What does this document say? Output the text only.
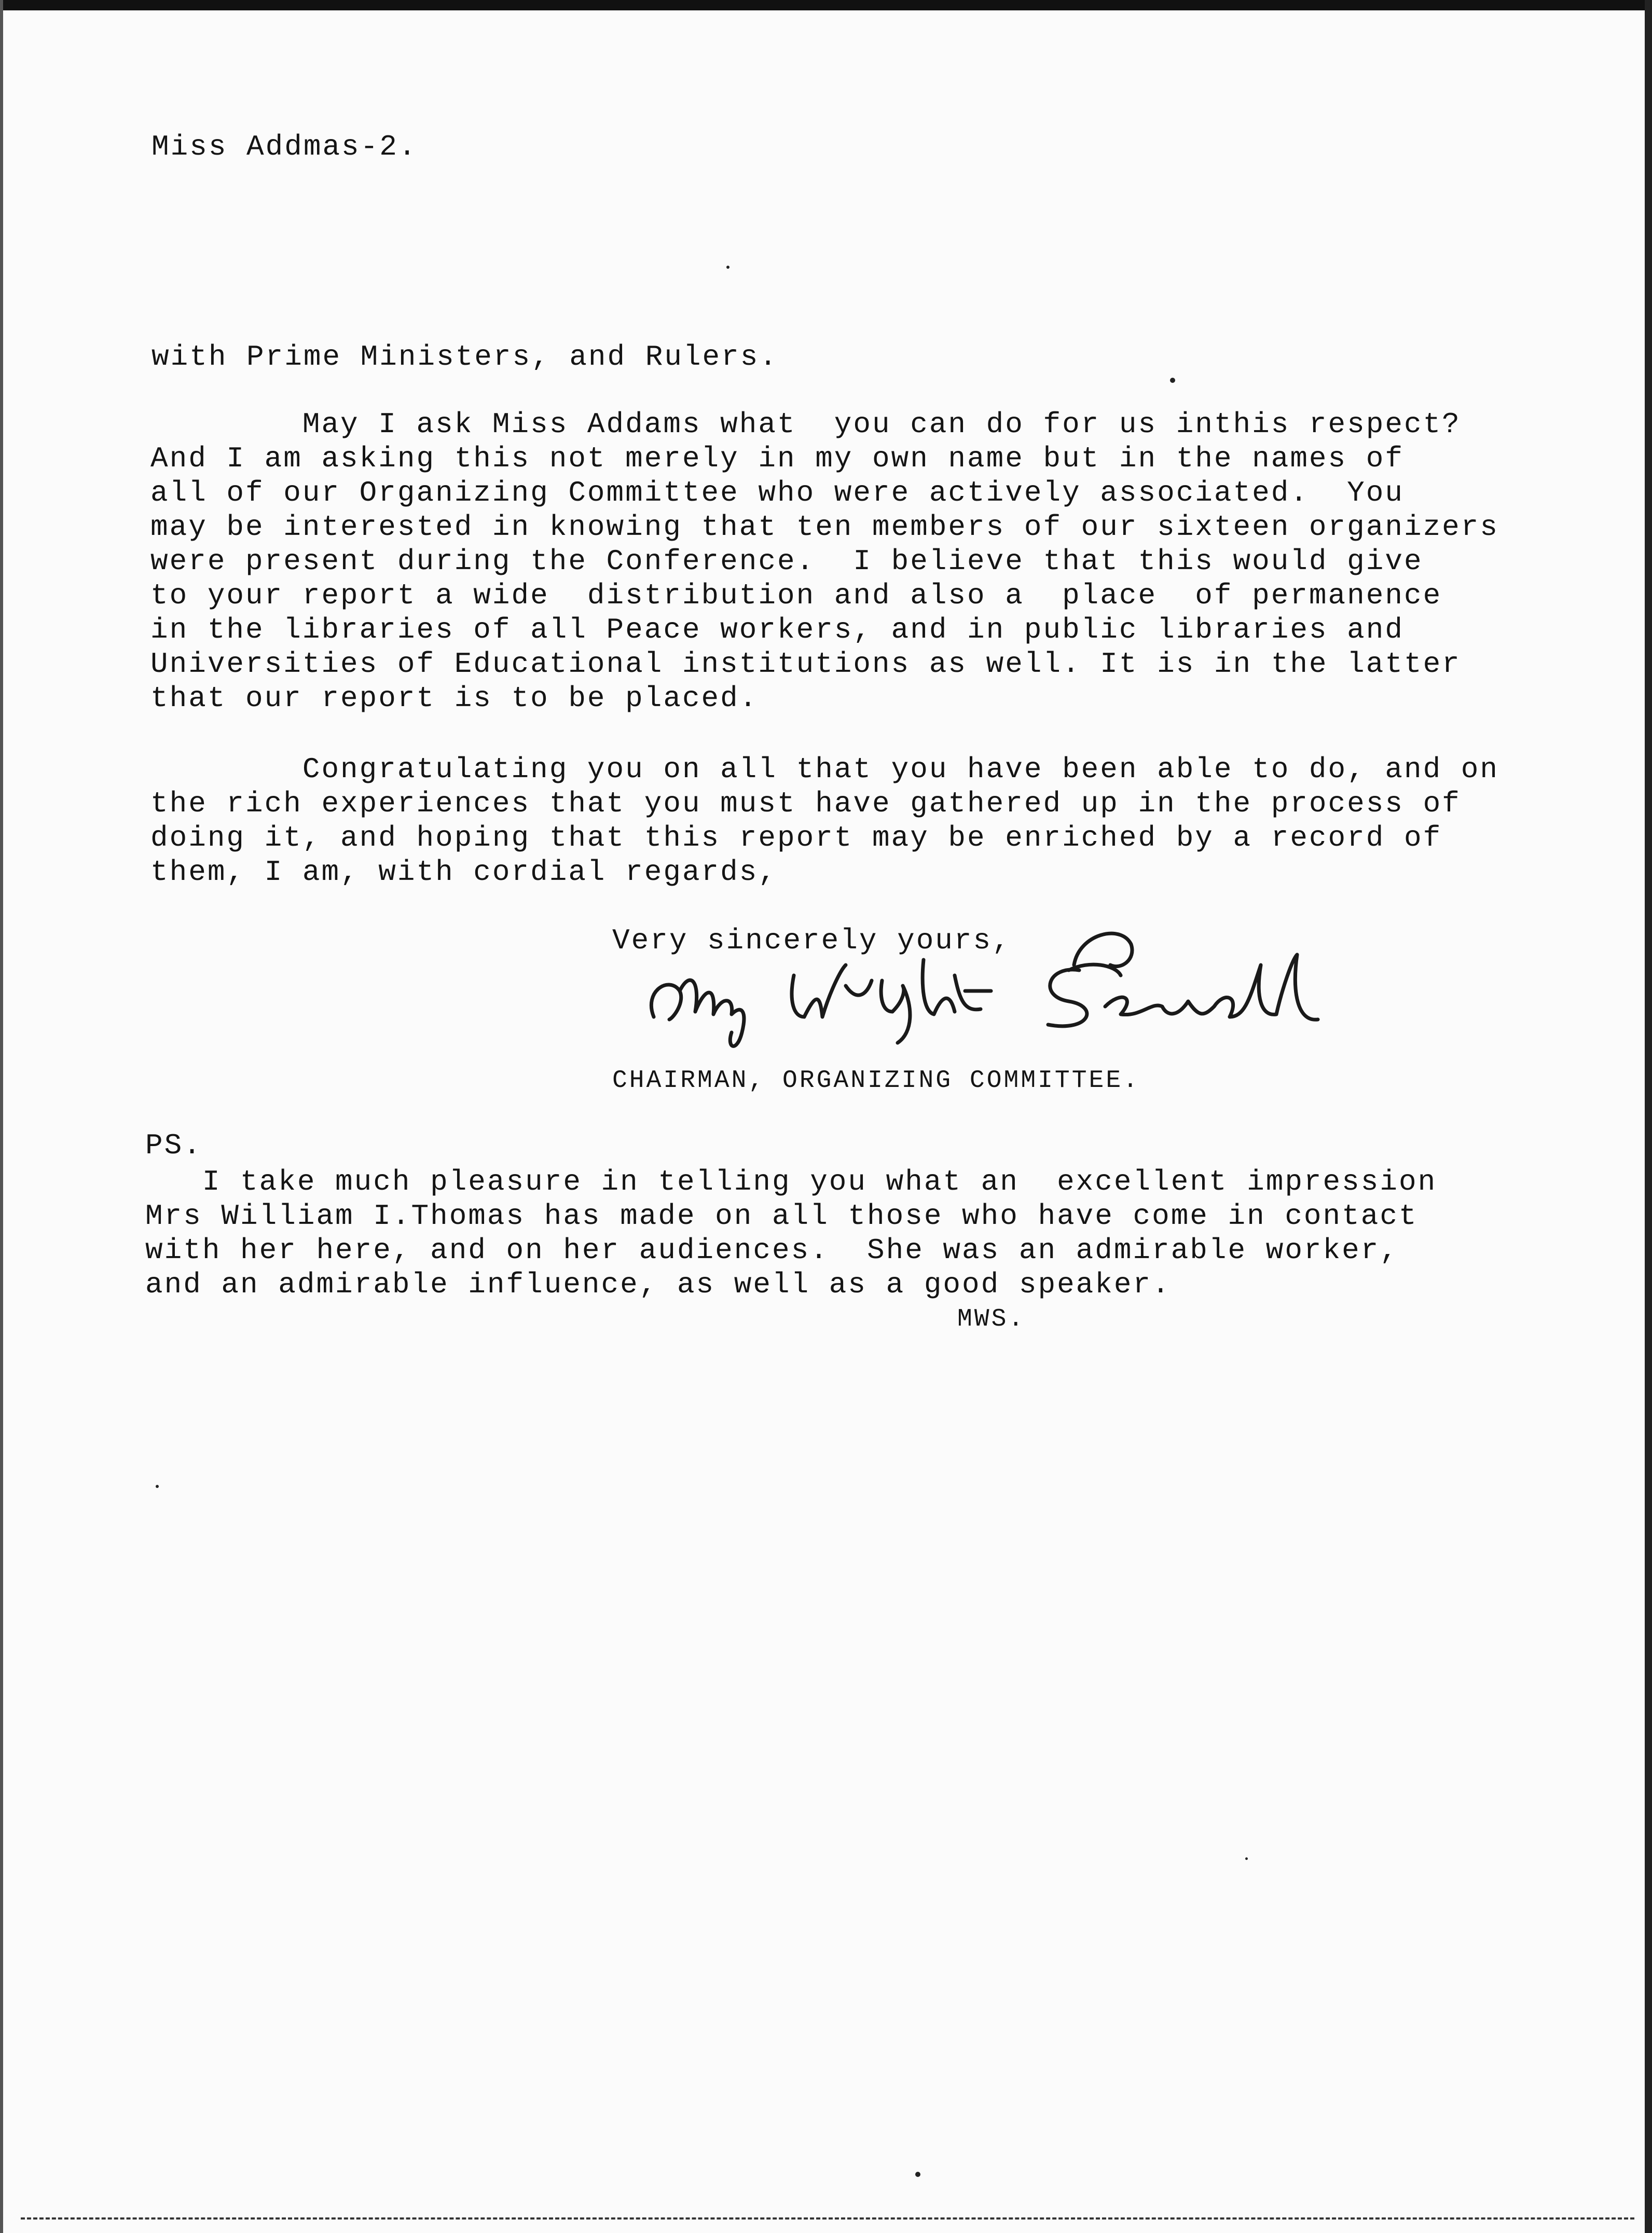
Miss Addmas-2.
with Prime Ministers, and Rulers.
May I ask Miss Addams what  you can do for us inthis respect?
And I am asking this not merely in my own name but in the names of
all of our Organizing Committee who were actively associated.  You
may be interested in knowing that ten members of our sixteen organizers
were present during the Conference.  I believe that this would give
to your report a wide  distribution and also a  place  of permanence
in the libraries of all Peace workers, and in public libraries and
Universities of Educational institutions as well. It is in the latter
that our report is to be placed.
Congratulating you on all that you have been able to do, and on
the rich experiences that you must have gathered up in the process of
doing it, and hoping that this report may be enriched by a record of
them, I am, with cordial regards,
Very sincerely yours,
CHAIRMAN, ORGANIZING COMMITTEE.
PS.
I take much pleasure in telling you what an  excellent impression
Mrs William I.Thomas has made on all those who have come in contact
with her here, and on her audiences.  She was an admirable worker,
and an admirable influence, as well as a good speaker.
MWS.
